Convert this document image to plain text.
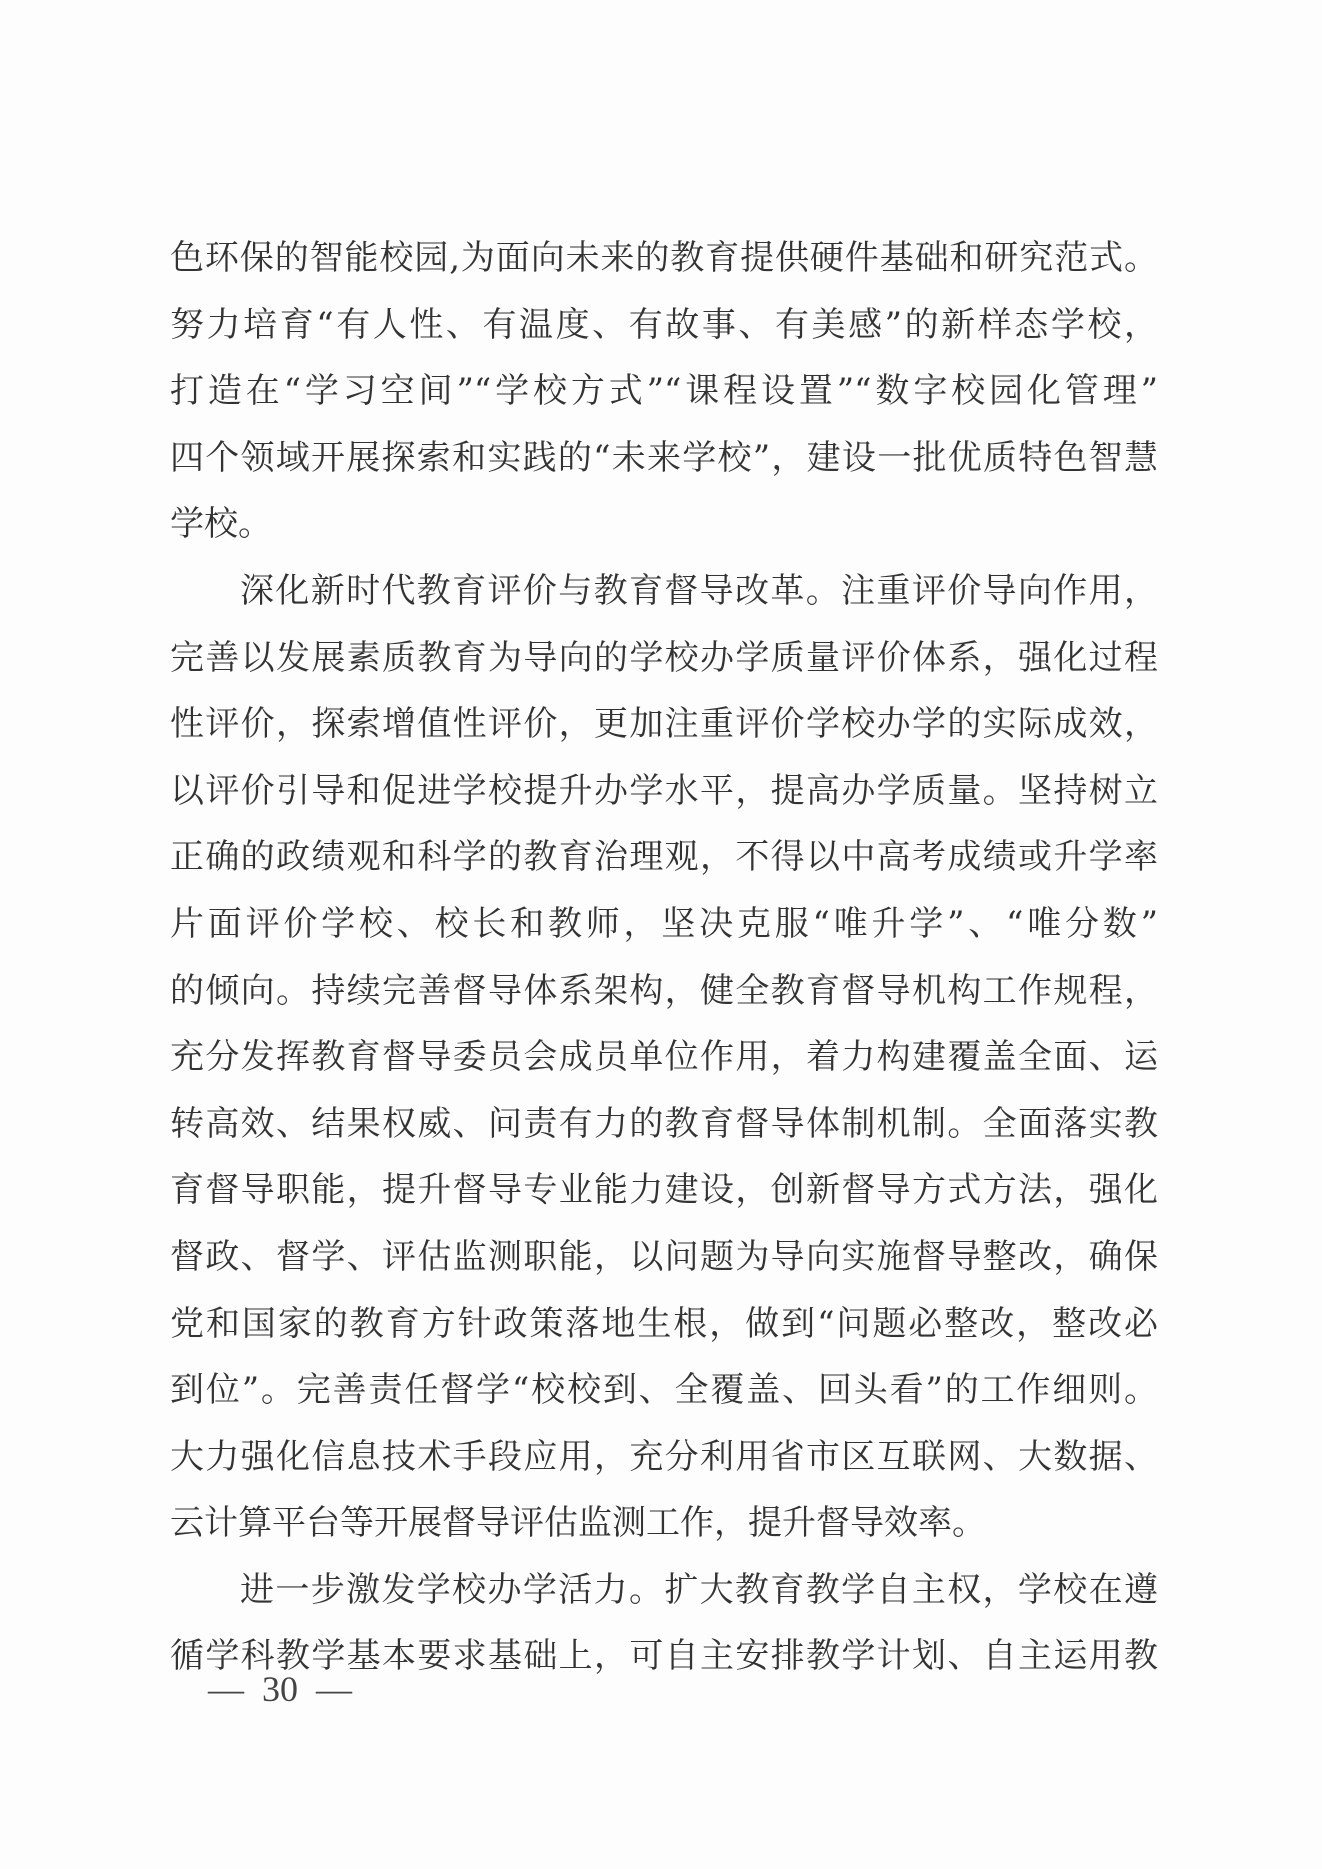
色环保的智能校园,为面向未来的教育提供硬件基础和研究范式。
努力培育“有人性、有温度、有故事、有美感”的新样态学校，
打造在“学习空间”“学校方式”“课程设置”“数字校园化管理”
四个领域开展探索和实践的“未来学校”，建设一批优质特色智慧
学校。
深化新时代教育评价与教育督导改革。注重评价导向作用，
完善以发展素质教育为导向的学校办学质量评价体系，强化过程
性评价，探索增值性评价，更加注重评价学校办学的实际成效，
以评价引导和促进学校提升办学水平，提高办学质量。坚持树立
正确的政绩观和科学的教育治理观，不得以中高考成绩或升学率
片面评价学校、校长和教师，坚决克服“唯升学”、“唯分数”
的倾向。持续完善督导体系架构，健全教育督导机构工作规程，
充分发挥教育督导委员会成员单位作用，着力构建覆盖全面、运
转高效、结果权威、问责有力的教育督导体制机制。全面落实教
育督导职能，提升督导专业能力建设，创新督导方式方法，强化
督政、督学、评估监测职能，以问题为导向实施督导整改，确保
党和国家的教育方针政策落地生根，做到“问题必整改，整改必
到位”。完善责任督学“校校到、全覆盖、回头看”的工作细则。
大力强化信息技术手段应用，充分利用省市区互联网、大数据、
云计算平台等开展督导评估监测工作，提升督导效率。
进一步激发学校办学活力。扩大教育教学自主权，学校在遵
循学科教学基本要求基础上，可自主安排教学计划、自主运用教
—  30  —
